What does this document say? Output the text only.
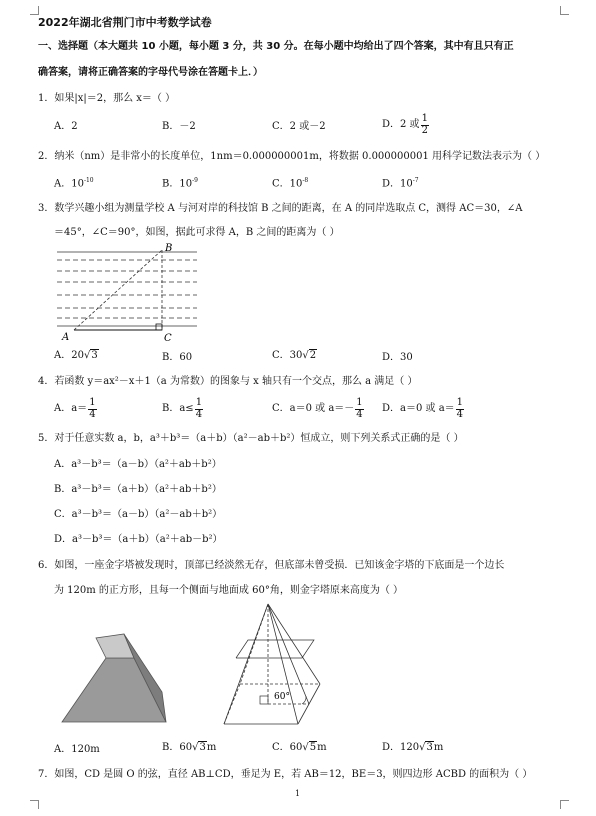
2022年湖北省荆门市中考数学试卷
一、选择题（本大题共 10 小题，每小题 3 分，共 30 分。在每小题中均给出了四个答案，其中有且只有正
确答案，请将正确答案的字母代号涂在答题卡上．）
1．如果|x|＝2，那么 x＝（ ）
A．2	B．－2	C．2 或－2	D．2 或 $\frac{1}{2}$
2．纳米（nm）是非常小的长度单位，1nm＝0.000000001m，将数据 0.000000001 用科学记数法表示为（ ）
A．$10^{-10}$	B．$10^{-9}$	C．$10^{-8}$	D．$10^{-7}$
3．数学兴趣小组为测量学校 A 与河对岸的科技馆 B 之间的距离，在 A 的同岸选取点 C，测得 AC＝30，∠A
＝45°，∠C＝90°，如图，据此可求得 A，B 之间的距离为（ ）
B
A	C
A．20√3	B．60	C．30√2	D．30
4．若函数 y＝ax²－x＋1（a 为常数）的图象与 x 轴只有一个交点，那么 a 满足（ ）
A．$a= \frac{1}{4}$	B．$a\le \frac{1}{4}$	C．a＝0 或 $a=- \frac{1}{4}$ D．a＝0 或 $a= \frac{1}{4}$
5．对于任意实数 a，b，a³＋b³＝（a＋b）（a²－ab＋b²）恒成立，则下列关系式正确的是（ ）
A．a³－b³＝（a－b）（a²＋ab＋b²）
B．a³－b³＝（a＋b）（a²＋ab＋b²）
C．a³－b³＝（a－b）（a²－ab＋b²）
D．a³－b³＝（a＋b）（a²＋ab－b²）
6．如图，一座金字塔被发现时，顶部已经淡然无存，但底部未曾受损．已知该金字塔的下底面是一个边长
为 120m 的正方形，且每一个侧面与地面成 60°角，则金字塔原来高度为（ ）
60°
A．120m	B．60√3m	C．60√5m	D．120√3m
7．如图，CD 是圆 O 的弦，直径 AB⊥CD，垂足为 E，若 AB＝12，BE＝3，则四边形 ACBD 的面积为（ ）
1
